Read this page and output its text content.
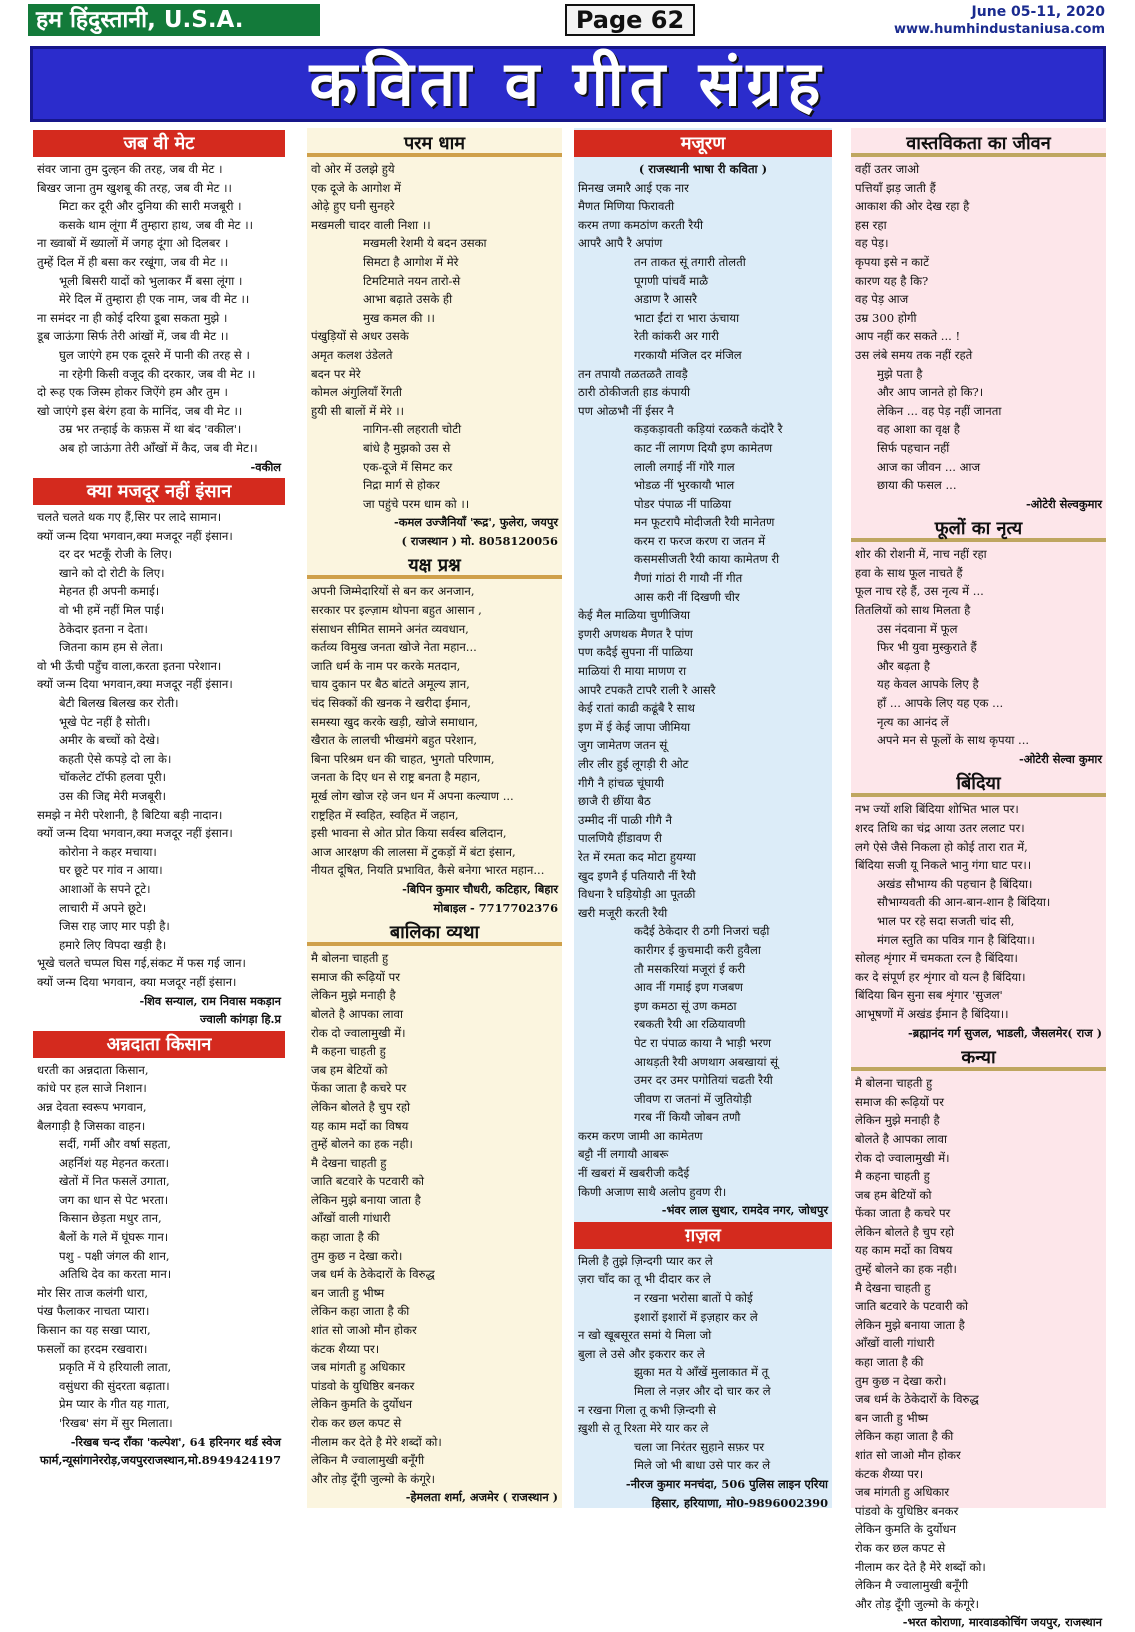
हम हिंदुस्तानी, U.S.A.	Page 62	June 05-11, 2020
www.humhindustaniusa.com
कविता व गीत संग्रह
जब वी मेट
संवर जाना तुम दुल्हन की तरह, जब वी मेट ।
बिखर जाना तुम खुशबू की तरह, जब वी मेट ।।
मिटा कर दूरी और दुनिया की सारी मजबूरी ।
कसके थाम लूंगा मैं तुम्हारा हाथ, जब वी मेट ।।
ना ख्वाबों में ख्यालों में जगह दूंगा ओ दिलबर ।
तुम्हें दिल में ही बसा कर रखूंगा, जब वी मेट ।।
भूली बिसरी यादों को भुलाकर मैं बसा लूंगा ।
मेरे दिल में तुम्हारा ही एक नाम, जब वी मेट ।।
ना समंदर ना ही कोई दरिया डूबा सकता मुझे ।
डूब जाऊंगा सिर्फ तेरी आंखों में, जब वी मेट ।।
घुल जाएंगे हम एक दूसरे में पानी की तरह से ।
ना रहेगी किसी वजूद की दरकार, जब वी मेट ।।
दो रूह एक जिस्म होकर जिऐंगे हम और तुम ।
खो जाएंगे इस बेरंग हवा के मानिंद, जब वी मेट ।।
उम्र भर तन्हाई के कफ़स में था बंद 'वकील'।
अब हो जाऊंगा तेरी आँखों में कैद, जब वी मेट।।
-वकील
क्या मजदूर नहीं इंसान
चलते चलते थक गए हैं,सिर पर लादे सामान।
क्यों जन्म दिया भगवान,क्या मजदूर नहीं इंसान।
दर दर भटकूँ रोजी के लिए।
खाने को दो रोटी के लिए।
मेहनत ही अपनी कमाई।
वो भी हमें नहीं मिल पाई।
ठेकेदार इतना न देता।
जितना काम हम से लेता।
वो भी ऊँची पहुँच वाला,करता इतना परेशान।
क्यों जन्म दिया भगवान,क्या मजदूर नहीं इंसान।
बेटी बिलख बिलख कर रोती।
भूखे पेट नहीं है सोती।
अमीर के बच्चों को देखे।
कहती ऐसे कपड़े दो ला के।
चॉकलेट टॉफी हलवा पूरी।
उस की जिद्द मेरी मजबूरी।
समझे न मेरी परेशानी, है बिटिया बड़ी नादान।
क्यों जन्म दिया भगवान,क्या मजदूर नहीं इंसान।
कोरोना ने कहर मचाया।
घर छूटे पर गांव न आया।
आशाओं के सपने टूटे।
लाचारी में अपने छूटे।
जिस राह जाए मार पड़ी है।
हमारे लिए विपदा खड़ी है।
भूखे चलते चप्पल घिस गई,संकट में फस गई जान।
क्यों जन्म दिया भगवान, क्या मजदूर नहीं इंसान।
-शिव सन्याल, राम निवास मकड़ान
ज्वाली कांगड़ा हि.प्र
अन्नदाता किसान
धरती का अन्नदाता किसान,
कांधे पर हल साजे निशान।
अन्न देवता स्वरूप भगवान,
बैलगाड़ी है जिसका वाहन।
सर्दी, गर्मी और वर्षा सहता,
अहर्निशं यह मेहनत करता।
खेतों में नित फसलें उगाता,
जग का धान से पेट भरता।
किसान छेड़ता मधुर तान,
बैलों के गले में घूंघरू गान।
पशु - पक्षी जंगल की शान,
अतिथि देव का करता मान।
मोर सिर ताज कलंगी धारा,
पंख फैलाकर नाचता प्यारा।
किसान का यह सखा प्यारा,
फसलों का हरदम रखवारा।
प्रकृति में ये हरियाली लाता,
वसुंधरा की सुंदरता बढ़ाता।
प्रेम प्यार के गीत यह गाता,
'रिखब' संग में सुर मिलाता।
-रिखब चन्द राँका 'कल्पेश', 64 हरिनगर थर्ड स्वेज
फार्म,न्यूसांगानेररोड़,जयपुरराजस्थान,मो.8949424197
परम धाम
वो ओर में उलझे हुये
एक दूजे के आगोश में
ओढ़े हुए घनी सुनहरे
मखमली चादर वाली निशा ।।
मखमली रेशमी ये बदन उसका
सिमटा है आगोश में मेरे
टिमटिमाते नयन तारो-से
आभा बढ़ाते उसके ही
मुख कमल की ।।
पंखुड़ियों से अधर उसके
अमृत कलश उंडेलते
बदन पर मेरे
कोमल अंगुलियाँ रेंगती
हुयी सी बालों में मेरे ।।
नागिन-सी लहराती चोटी
बांधे है मुझको उस से
एक-दूजे में सिमट कर
निद्रा मार्ग से होकर
जा पहुंचे परम धाम को ।।
-कमल उज्जैनियाँ 'रूद्र', फुलेरा, जयपुर
( राजस्थान ) मो. 8058120056
यक्ष प्रश्न
अपनी जिम्मेदारियों से बन कर अनजान,
सरकार पर इल्ज़ाम थोपना बहुत आसान ,
संसाधन सीमित सामने अनंत व्यवधान,
कर्तव्य विमुख जनता खोजे नेता महान...
जाति धर्म के नाम पर करके मतदान,
चाय दुकान पर बैठ बांटते अमूल्य ज्ञान,
चंद सिक्कों की खनक ने खरीदा ईमान,
समस्या खुद करके खड़ी, खोजे समाधान,
खैरात के लालची भीखमंगे बहुत परेशान,
बिना परिश्रम धन की चाहत, भुगतो परिणाम,
जनता के दिए धन से राष्ट्र बनता है महान,
मूर्ख लोग खोज रहे जन धन में अपना कल्याण ...
राष्ट्रहित में स्वहित, स्वहित में जहान,
इसी भावना से ओत प्रोत किया सर्वस्व बलिदान,
आज आरक्षण की लालसा में टुकड़ों में बंटा इंसान,
नीयत दूषित, नियति प्रभावित, कैसे बनेगा भारत महान...
-बिपिन कुमार चौधरी, कटिहार, बिहार
मोबाइल - 7717702376
बालिका व्यथा
मै बोलना चाहती हु
समाज की रूढ़ियों पर
लेकिन मुझे मनाही है
बोलते है आपका लावा
रोक दो ज्वालामुखी में।
मै कहना चाहती हु
जब हम बेटियों को
फेंका जाता है कचरे पर
लेकिन बोलते है चुप रहो
यह काम मर्दो का विषय
तुम्हें बोलने का हक नही।
मै देखना चाहती हु
जाति बटवारे के पटवारी को
लेकिन मुझे बनाया जाता है
आँखों वाली गांधारी
कहा जाता है की
तुम कुछ न देखा करो।
जब धर्म के ठेकेदारों के विरुद्ध
बन जाती हु भीष्म
लेकिन कहा जाता है की
शांत सो जाओ मौन होकर
कंटक शैय्या पर।
जब मांगती हु अधिकार
पांडवो के युधिष्ठिर बनकर
लेकिन कुमति के दुर्योधन
रोक कर छल कपट से
नीलाम कर देते है मेरे शब्दों को।
लेकिन मै ज्वालामुखी बनूँगी
और तोड़ दूँगी जुल्मो के कंगूरे।
-हेमलता शर्मा, अजमेर ( राजस्थान )
मजूरण
( राजस्थानी भाषा री कविता )
मिनख जमारै आई एक नार
मैणत मिणिया फिरावती
करम तणा कमठांण करती रैयी
आपरै आपै रै अपांण
तन ताकत सूं तगारी तोलती
पूगणी पांचवैं माळै
अडाण रै आसरै
भाटा ईंटां रा भारा ऊंचाया
रेती कांकरी अर गारी
गरकायौ मंजिल दर मंजिल
तन तपायौ तळतळतै तावड़ै
ठारी ठोकीजती हाड कंपायी
पण ओळभौ नीं ईसर नै
कड़कड़ावती कड़ियां रळकतै कंदोरै रै
काट नीं लागण दियौ इण कामेतण
लाली लगाई नीं गोरै गाल
भोडळ नीं भुरकायौ भाल
पोडर पंपाळ नीं पाळिया
मन फूटरापै मोदीजती रैयी मानेतण
करम रा फरज करण रा जतन में
कसमसीजती रैयी काया कामेतण री
गैणां गांठां री गायौ नीं गीत
आस करी नीं दिखणी चीर
केई मैल माळिया चुणीजिया
इणरी अणथक मैणत रै पांण
पण कदैई सुपना नीं पाळिया
माळियां री माया माणण रा
आपरै टपकतै टापरै राली रै आसरै
केई रातां काढी कढूंबै रै साथ
इण में ई केई जापा जीमिया
जुग जामेतण जतन सूं
लीर लीर हुई लूगड़ी री ओट
गीगै नै हांचळ चूंघायी
छाजै री छींया बैठ
उम्मीद नीं पाळी गीगै नै
पालणियै हींडावण री
रेत में रमता कद मोटा हुयग्या
खुद इणनै ई पतियारौ नीं रैयौ
विधना रै घड़ियोड़ी आ पूतळी
खरी मजूरी करती रैयी
कदैई ठेकेदार री ठगी निजरां चढ़ी
कारीगर ई कुचमादी करी हुवैला
तौ मसकरियां मजूरां ई करी
आव नीं गमाई इण गजबण
इण कमठा सूं उण कमठा
रबकती रैयी आ रळियावणी
पेट रा पंपाळ काया नै भाड़ी भरण
आथड़ती रैयी अणथाग अबखायां सूं
उमर दर उमर पगोतियां चढती रैयी
जीवण रा जतनां में जुतियोड़ी
गरब नीं कियौ जोबन तणौ
करम करण जामी आ कामेतण
बट्टौ नीं लगायौ आबरू
नीं खबरां में खबरीजी कदैई
किणी अजाण साथै अलोप हुवण री।
-भंवर लाल सुथार, रामदेव नगर, जोधपुर
ग़ज़ल
मिली है तुझे ज़िन्दगी प्यार कर ले
ज़रा चाँद का तू भी दीदार कर ले
न रखना भरोसा बातों पे कोई
इशारों इशारों में इज़हार कर ले
न खो खूबसूरत समां ये मिला जो
बुला ले उसे और इकरार कर ले
झुका मत ये आँखें मुलाकात में तू
मिला ले नज़र और दो चार कर ले
न रखना गिला तू कभी ज़िन्दगी से
ख़ुशी से तू रिश्ता मेरे यार कर ले
चला जा निरंतर सुहाने सफ़र पर
मिले जो भी बाधा उसे पार कर ले
-नीरज कुमार मनचंदा, 506 पुलिस लाइन एरिया
हिसार, हरियाणा, मो0-9896002390
वास्तविकता का जीवन
वहीं उतर जाओ
पत्तियाँ झड़ जाती हैं
आकाश की ओर देख रहा है
हस रहा
वह पेड़।
कृपया इसे न काटें
कारण यह है कि?
वह पेड़ आज
उम्र 300 होगी
आप नहीं कर सकते ... !
उस लंबे समय तक नहीं रहते
मुझे पता है
और आप जानते हो कि?।
लेकिन ... वह पेड़ नहीं जानता
वह आशा का वृक्ष है
सिर्फ पहचान नहीं
आज का जीवन ... आज
छाया की फसल ...
-ओटेरी सेल्वकुमार
फूलों का नृत्य
शोर की रोशनी में, नाच नहीं रहा
हवा के साथ फूल नाचते हैं
फूल नाच रहे हैं, उस नृत्य में ...
तितलियों को साथ मिलता है
उस नंदवाना में फूल
फिर भी युवा मुस्कुराते हैं
और बढ़ता है
यह केवल आपके लिए है
हाँ ... आपके लिए यह एक ...
नृत्य का आनंद लें
अपने मन से फूलों के साथ कृपया ...
-ओटेरी सेल्वा कुमार
बिंदिया
नभ ज्यों शशि बिंदिया शोभित भाल पर।
शरद तिथि का चंद्र आया उतर ललाट पर।
लगे ऐसे जैसे निकला हो कोई तारा रात में,
बिंदिया सजी यू निकले भानु गंगा घाट पर।।
अखंड सौभाग्य की पहचान है बिंदिया।
सौभाग्यवती की आन-बान-शान है बिंदिया।
भाल पर रहे सदा सजती चांद सी,
मंगल स्तुति का पवित्र गान है बिंदिया।।
सोलह शृंगार में चमकता रत्न है बिंदिया।
कर दे संपूर्ण हर शृंगार वो यत्न है बिंदिया।
बिंदिया बिन सुना सब शृंगार 'सुजल'
आभूषणों में अखंड ईमान है बिंदिया।।
-ब्रह्मानंद गर्ग सुजल, भाडली, जैसलमेर( राज )
कन्या
मै बोलना चाहती हु
समाज की रूढ़ियों पर
लेकिन मुझे मनाही है
बोलते है आपका लावा
रोक दो ज्वालामुखी में।
मै कहना चाहती हु
जब हम बेटियों को
फेंका जाता है कचरे पर
लेकिन बोलते है चुप रहो
यह काम मर्दो का विषय
तुम्हें बोलने का हक नही।
मै देखना चाहती हु
जाति बटवारे के पटवारी को
लेकिन मुझे बनाया जाता है
आँखों वाली गांधारी
कहा जाता है की
तुम कुछ न देखा करो।
जब धर्म के ठेकेदारों के विरुद्ध
बन जाती हु भीष्म
लेकिन कहा जाता है की
शांत सो जाओ मौन होकर
कंटक शैय्या पर।
जब मांगती हु अधिकार
पांडवो के युधिष्ठिर बनकर
लेकिन कुमति के दुर्योधन
रोक कर छल कपट से
नीलाम कर देते है मेरे शब्दों को।
लेकिन मै ज्वालामुखी बनूँगी
और तोड़ दूँगी जुल्मो के कंगूरे।
-भरत कोराणा, मारवाडकोचिंग जयपुर, राजस्थान
